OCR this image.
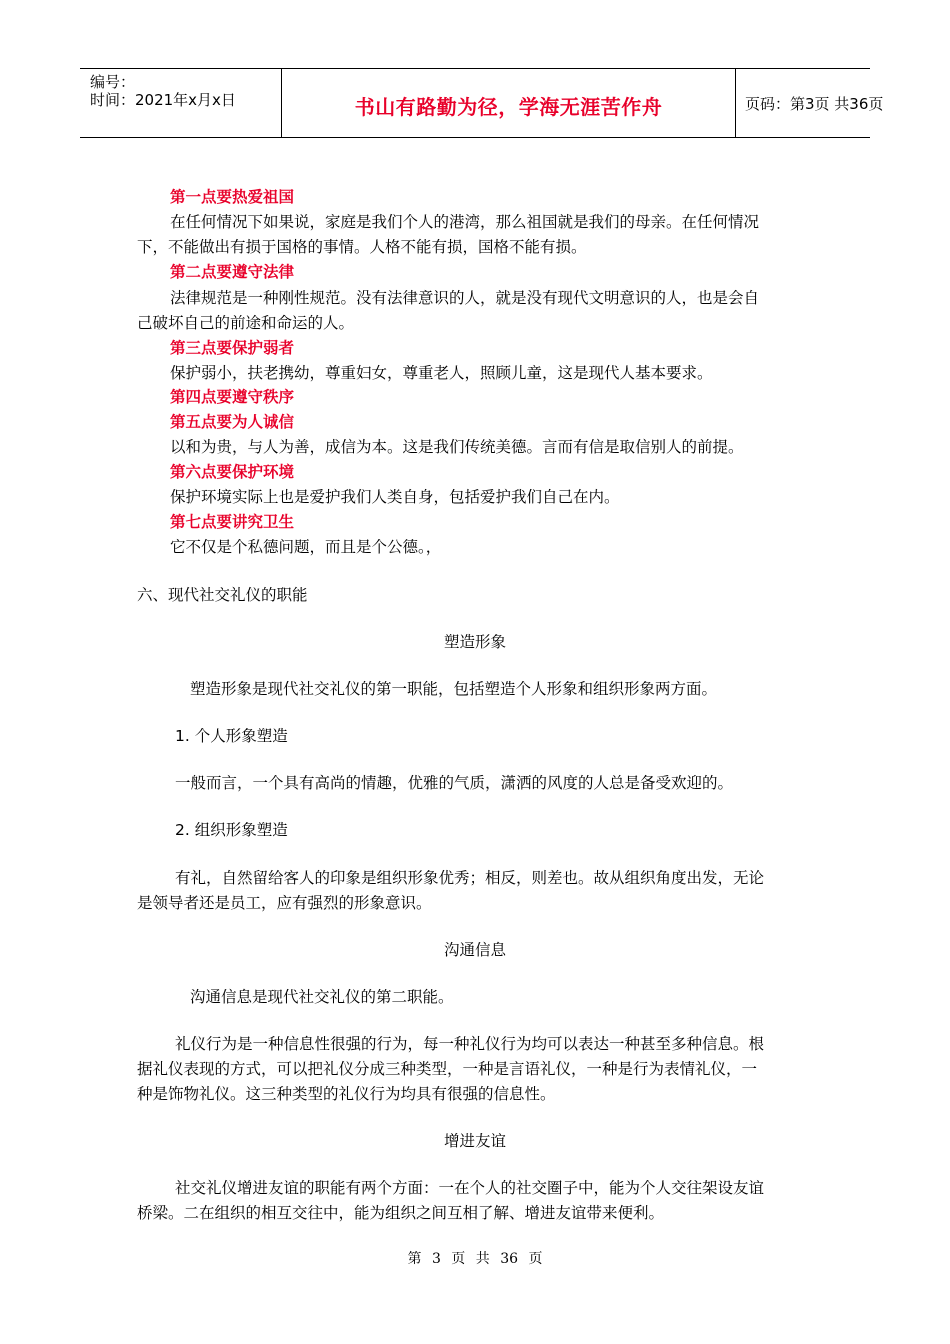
编号：
时间：2021年x月x日	书山有路勤为径，学海无涯苦作舟	页码：第3页 共36页
第一点要热爱祖国
在任何情况下如果说，家庭是我们个人的港湾，那么祖国就是我们的母亲。在任何情况
下，不能做出有损于国格的事情。人格不能有损，国格不能有损。
第二点要遵守法律
法律规范是一种刚性规范。没有法律意识的人，就是没有现代文明意识的人，也是会自
己破坏自己的前途和命运的人。
第三点要保护弱者
保护弱小，扶老携幼，尊重妇女，尊重老人，照顾儿童，这是现代人基本要求。
第四点要遵守秩序
第五点要为人诚信
以和为贵，与人为善，成信为本。这是我们传统美德。言而有信是取信别人的前提。
第六点要保护环境
保护环境实际上也是爱护我们人类自身，包括爱护我们自己在内。
第七点要讲究卫生
它不仅是个私德问题，而且是个公德。，
六、现代社交礼仪的职能
塑造形象
塑造形象是现代社交礼仪的第一职能，包括塑造个人形象和组织形象两方面。
1. 个人形象塑造
一般而言，一个具有高尚的情趣，优雅的气质，潇洒的风度的人总是备受欢迎的。
2. 组织形象塑造
有礼，自然留给客人的印象是组织形象优秀；相反，则差也。故从组织角度出发，无论
是领导者还是员工，应有强烈的形象意识。
沟通信息
沟通信息是现代社交礼仪的第二职能。
礼仪行为是一种信息性很强的行为，每一种礼仪行为均可以表达一种甚至多种信息。根
据礼仪表现的方式，可以把礼仪分成三种类型，一种是言语礼仪，一种是行为表情礼仪，一
种是饰物礼仪。这三种类型的礼仪行为均具有很强的信息性。
增进友谊
社交礼仪增进友谊的职能有两个方面：一在个人的社交圈子中，能为个人交往架设友谊
桥梁。二在组织的相互交往中，能为组织之间互相了解、增进友谊带来便利。
第 3 页 共 36 页
